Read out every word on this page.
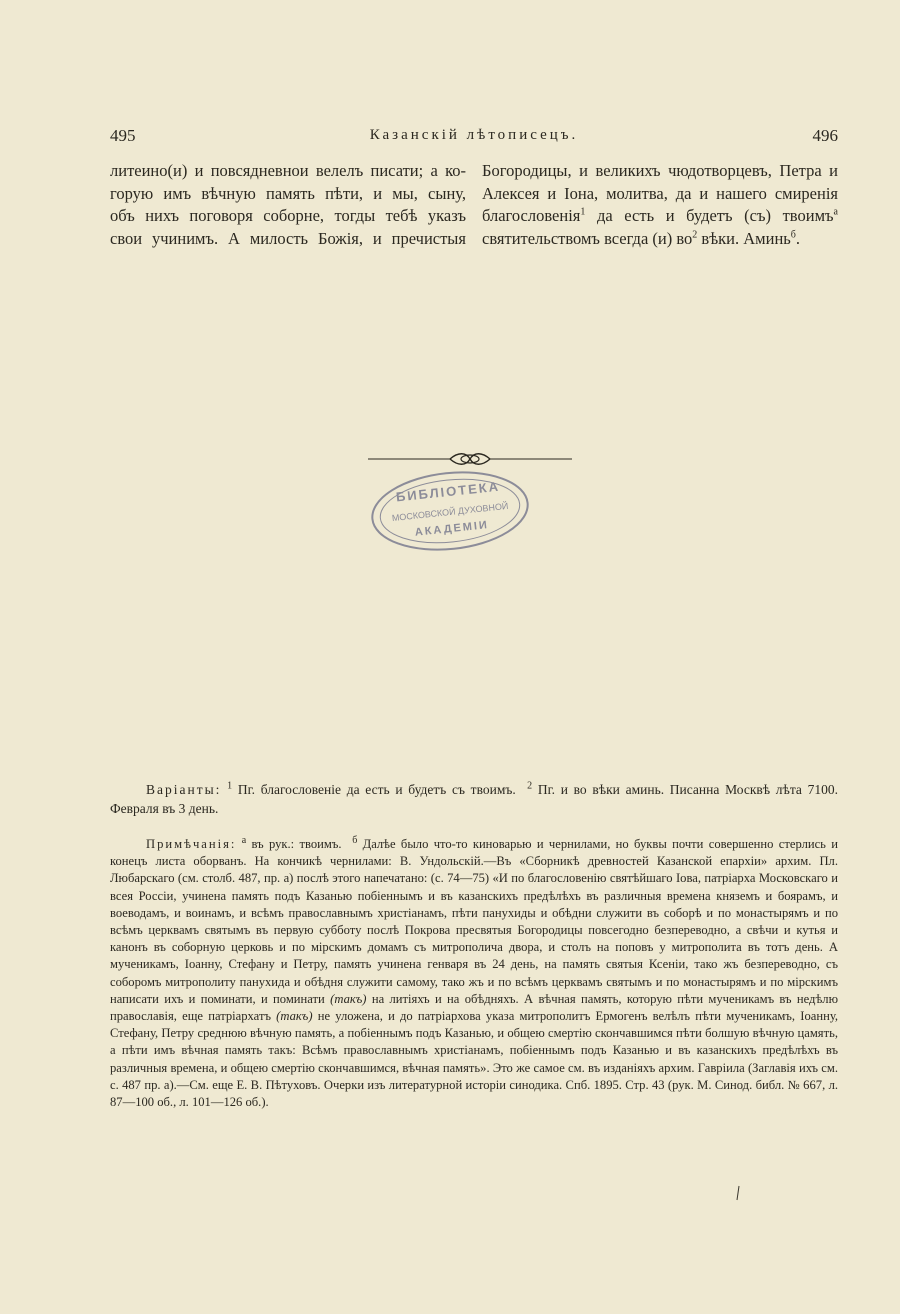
495	Казанскій лѣтописецъ.	496
литеино(и) и повсядневнои велелъ писати; а ко-
горую имъ вѣчную память пѣти, и мы, сыну,
объ нихъ поговоря соборне, тогды тебѣ указъ
свои учинимъ. А милость Божія, и пречистыя
Богородицы, и великихъ чюдотворцевъ, Петра и
Алексея и Іона, молитва, да и нашего смиренія
благословенія$^1$ да есть и будетъ (съ) твоимъ$^а$
святительствомъ всегда (и) $во^2$ вѣки. Аминь$^б$.
БИБЛІОТЕКА
МОСКОВСКОЙ ДУХОВНОЙ
АКАДЕМІИ

Варіанты: $^1$ Пг. благословеніе да есть и будетъ съ твоимъ. $^2$ Пг. и во вѣки аминь. Писанна Москвѣ лѣта 7100. Февраля въ 3 день.

Примѣчанія: $^а$ въ рук.: твоимъ. $^б$ Далѣе было что-то киноварью и чернилами, но буквы почти совершенно стерлись и конецъ листа оборванъ. На кончикѣ чернилами: В. Ундольскій.—Въ «Сборникѣ древностей Казанской епархіи» архим. Пл. Любарскаго (см. столб. 487, пр. а) послѣ этого напечатано: (с. 74—75) «И по благословенію святѣйшаго Іова, патріарха Московскаго и всея Россіи, учинена память подъ Казанью побіеннымъ и въ казанскихъ предѣлѣхъ въ различныя времена княземъ и боярамъ, и воеводамъ, и воинамъ, и всѣмъ православнымъ христіанамъ, пѣти панухиды и обѣдни служити въ соборѣ и по монастырямъ и по всѣмъ церквамъ святымъ въ первую субботу послѣ Покрова пресвятыя Богородицы повсегодно безпереводно, а свѣчи и кутья и канонъ въ соборную церковь и по мірскимъ домамъ съ митрополича двора, и столъ на поповъ у митрополита въ тотъ день. А мученикамъ, Іоанну, Стефану и Петру, память учинена генваря въ 24 день, на память святыя Ксеніи, тако жъ безпереводно, съ соборомъ митрополиту панухида и обѣдня служити самому, тако жъ и по всѣмъ церквамъ святымъ и по монастырямъ и по мірскимъ написати ихъ и поминати, и поминати (такъ) на литіяхъ и на обѣдняхъ. А вѣчная память, которую пѣти мученикамъ въ недѣлю православія, еще патріархатъ (такъ) не уложена, и до патріархова указа митрополитъ Ермогенъ велѣлъ пѣти мученикамъ, Іоанну, Стефану, Петру среднюю вѣчную память, а побіеннымъ подъ Казанью, и общею смертію скончавшимся пѣти болшую вѣчную цамять, а пѣти имъ вѣчная память такъ: Всѣмъ православнымъ христіанамъ, побіеннымъ подъ Казанью и въ казанскихъ предѣлѣхъ въ различныя времена, и общею смертію скончавшимся, вѣчная память». Это же самое см. въ изданіяхъ архим. Гаврiила (Заглавія ихъ см. с. 487 пр. а).—См. еще Е. В. Пѣтуховъ. Очерки изъ литературной исторіи синодика. Спб. 1895. Стр. 43 (рук. М. Синод. библ. № 667, л. 87—100 об., л. 101—126 об.).
